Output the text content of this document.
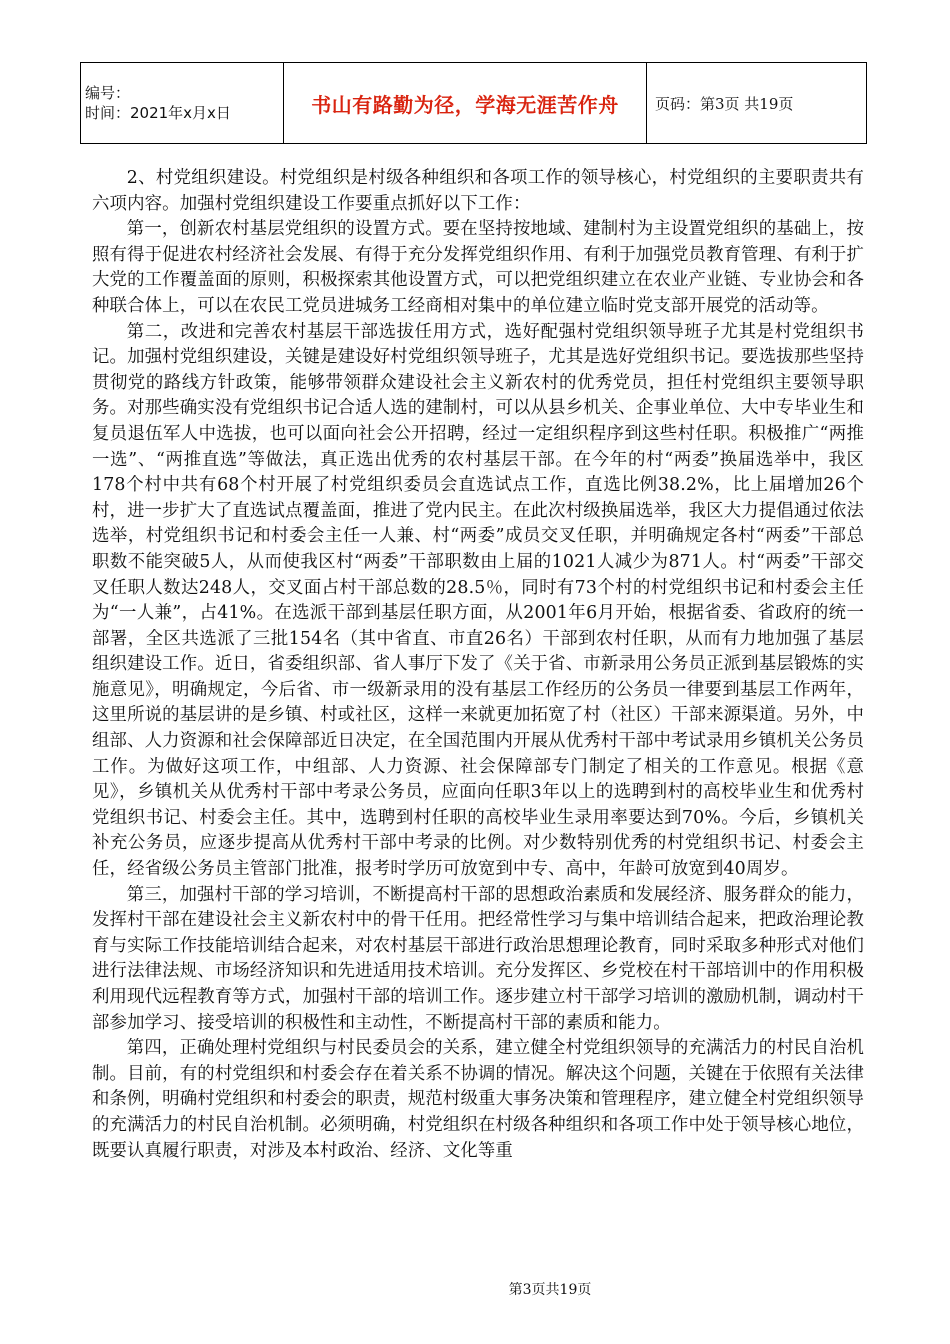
编号：
时间：2021年x月x日	书山有路勤为径，学海无涯苦作舟	页码：第3页 共19页

2、村党组织建设。村党组织是村级各种组织和各项工作的领导核心，村党组织的主要职责共有六项内容。加强村党组织建设工作要重点抓好以下工作：

第一，创新农村基层党组织的设置方式。要在坚持按地域、建制村为主设置党组织的基础上，按照有得于促进农村经济社会发展、有得于充分发挥党组织作用、有利于加强党员教育管理、有利于扩大党的工作覆盖面的原则，积极探索其他设置方式，可以把党组织建立在农业产业链、专业协会和各种联合体上，可以在农民工党员进城务工经商相对集中的单位建立临时党支部开展党的活动等。

第二，改进和完善农村基层干部选拔任用方式，选好配强村党组织领导班子尤其是村党组织书记。加强村党组织建设，关键是建设好村党组织领导班子，尤其是选好党组织书记。要选拔那些坚持贯彻党的路线方针政策，能够带领群众建设社会主义新农村的优秀党员，担任村党组织主要领导职务。对那些确实没有党组织书记合适人选的建制村，可以从县乡机关、企事业单位、大中专毕业生和复员退伍军人中选拔，也可以面向社会公开招聘，经过一定组织程序到这些村任职。积极推广“两推一选”、“两推直选”等做法，真正选出优秀的农村基层干部。在今年的村“两委”换届选举中，我区178个村中共有68个村开展了村党组织委员会直选试点工作，直选比例38.2%，比上届增加26个村，进一步扩大了直选试点覆盖面，推进了党内民主。在此次村级换届选举，我区大力提倡通过依法选举，村党组织书记和村委会主任一人兼、村“两委”成员交叉任职，并明确规定各村“两委”干部总职数不能突破5人，从而使我区村“两委”干部职数由上届的1021人减少为871人。村“两委”干部交叉任职人数达248人，交叉面占村干部总数的28.5％，同时有73个村的村党组织书记和村委会主任为“一人兼”，占41%。在选派干部到基层任职方面，从2001年6月开始，根据省委、省政府的统一部署，全区共选派了三批154名（其中省直、市直26名）干部到农村任职，从而有力地加强了基层组织建设工作。近日，省委组织部、省人事厅下发了《关于省、市新录用公务员正派到基层锻炼的实施意见》，明确规定，今后省、市一级新录用的没有基层工作经历的公务员一律要到基层工作两年，这里所说的基层讲的是乡镇、村或社区，这样一来就更加拓宽了村（社区）干部来源渠道。另外，中组部、人力资源和社会保障部近日决定，在全国范围内开展从优秀村干部中考试录用乡镇机关公务员工作。为做好这项工作，中组部、人力资源、社会保障部专门制定了相关的工作意见。根据《意见》，乡镇机关从优秀村干部中考录公务员，应面向任职3年以上的选聘到村的高校毕业生和优秀村党组织书记、村委会主任。其中，选聘到村任职的高校毕业生录用率要达到70%。今后，乡镇机关补充公务员，应逐步提高从优秀村干部中考录的比例。对少数特别优秀的村党组织书记、村委会主任，经省级公务员主管部门批准，报考时学历可放宽到中专、高中，年龄可放宽到40周岁。

第三，加强村干部的学习培训，不断提高村干部的思想政治素质和发展经济、服务群众的能力，发挥村干部在建设社会主义新农村中的骨干任用。把经常性学习与集中培训结合起来，把政治理论教育与实际工作技能培训结合起来，对农村基层干部进行政治思想理论教育，同时采取多种形式对他们进行法律法规、市场经济知识和先进适用技术培训。充分发挥区、乡党校在村干部培训中的作用积极利用现代远程教育等方式，加强村干部的培训工作。逐步建立村干部学习培训的激励机制，调动村干部参加学习、接受培训的积极性和主动性，不断提高村干部的素质和能力。

第四，正确处理村党组织与村民委员会的关系，建立健全村党组织领导的充满活力的村民自治机制。目前，有的村党组织和村委会存在着关系不协调的情况。解决这个问题，关键在于依照有关法律和条例，明确村党组织和村委会的职责，规范村级重大事务决策和管理程序，建立健全村党组织领导的充满活力的村民自治机制。必须明确，村党组织在村级各种组织和各项工作中处于领导核心地位，既要认真履行职责，对涉及本村政治、经济、文化等重

第3页共19页
